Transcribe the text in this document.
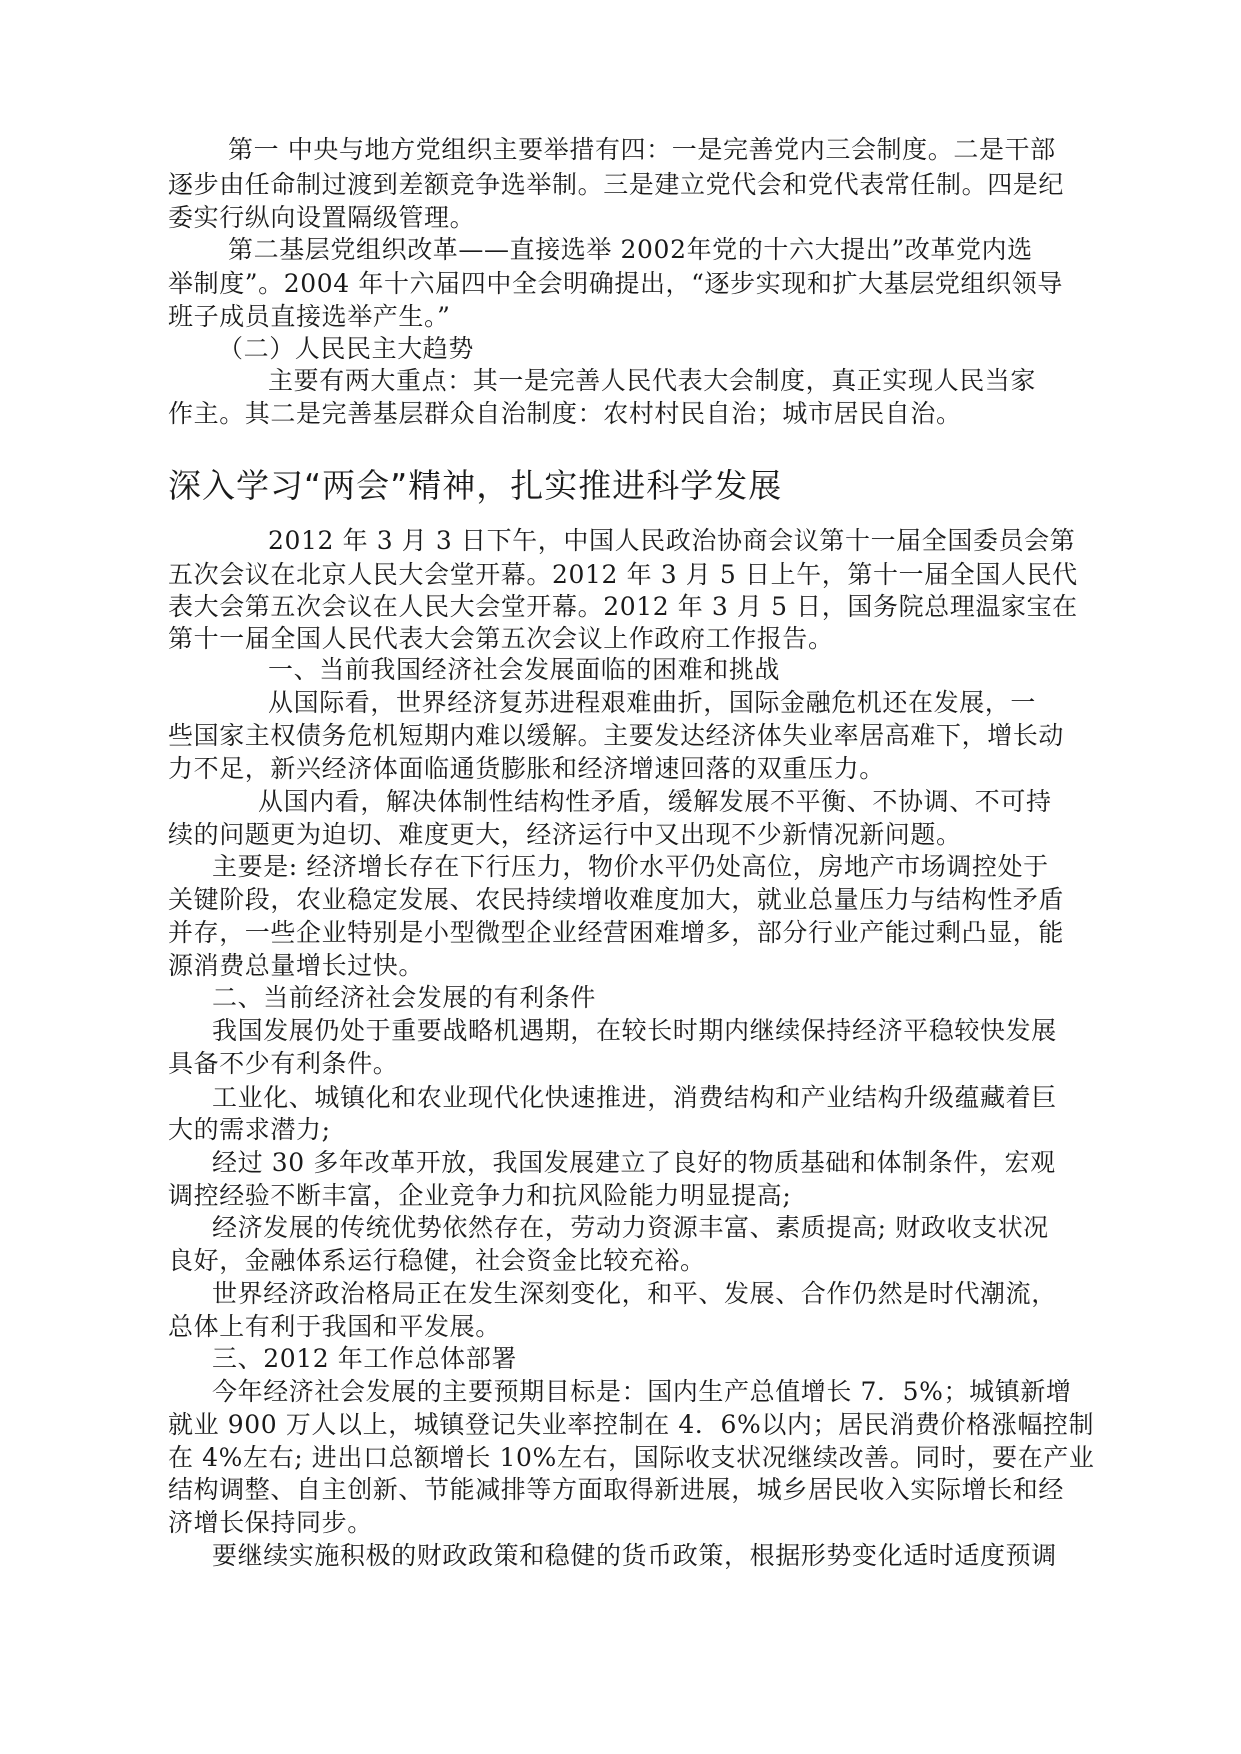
第一 中央与地方党组织主要举措有四：一是完善党内三会制度。二是干部
逐步由任命制过渡到差额竞争选举制。三是建立党代会和党代表常任制。四是纪
委实行纵向设置隔级管理。
第二基层党组织改革——直接选举 2002年党的十六大提出”改革党内选
举制度”。2004 年十六届四中全会明确提出，“逐步实现和扩大基层党组织领导
班子成员直接选举产生。”
（二）人民民主大趋势
主要有两大重点：其一是完善人民代表大会制度，真正实现人民当家
作主。其二是完善基层群众自治制度：农村村民自治；城市居民自治。
深入学习“两会”精神，扎实推进科学发展
2012 年 3 月 3 日下午，中国人民政治协商会议第十一届全国委员会第
五次会议在北京人民大会堂开幕。2012 年 3 月 5 日上午，第十一届全国人民代
表大会第五次会议在人民大会堂开幕。2012 年 3 月 5 日，国务院总理温家宝在
第十一届全国人民代表大会第五次会议上作政府工作报告。
一、当前我国经济社会发展面临的困难和挑战
从国际看，世界经济复苏进程艰难曲折，国际金融危机还在发展，一
些国家主权债务危机短期内难以缓解。主要发达经济体失业率居高难下，增长动
力不足，新兴经济体面临通货膨胀和经济增速回落的双重压力。
从国内看，解决体制性结构性矛盾，缓解发展不平衡、不协调、不可持
续的问题更为迫切、难度更大，经济运行中又出现不少新情况新问题。
主要是: 经济增长存在下行压力，物价水平仍处高位，房地产市场调控处于
关键阶段，农业稳定发展、农民持续增收难度加大，就业总量压力与结构性矛盾
并存，一些企业特别是小型微型企业经营困难增多，部分行业产能过剩凸显，能
源消费总量增长过快。
二、当前经济社会发展的有利条件
我国发展仍处于重要战略机遇期，在较长时期内继续保持经济平稳较快发展
具备不少有利条件。
工业化、城镇化和农业现代化快速推进，消费结构和产业结构升级蕴藏着巨
大的需求潜力;
经过 30 多年改革开放，我国发展建立了良好的物质基础和体制条件，宏观
调控经验不断丰富，企业竞争力和抗风险能力明显提高;
经济发展的传统优势依然存在，劳动力资源丰富、素质提高; 财政收支状况
良好，金融体系运行稳健，社会资金比较充裕。
世界经济政治格局正在发生深刻变化，和平、发展、合作仍然是时代潮流，
总体上有利于我国和平发展。
三、2012 年工作总体部署
今年经济社会发展的主要预期目标是：国内生产总值增长 7．5%；城镇新增
就业 900 万人以上，城镇登记失业率控制在 4．6%以内；居民消费价格涨幅控制
在 4%左右; 进出口总额增长 10%左右，国际收支状况继续改善。同时，要在产业
结构调整、自主创新、节能减排等方面取得新进展，城乡居民收入实际增长和经
济增长保持同步。
要继续实施积极的财政政策和稳健的货币政策，根据形势变化适时适度预调
